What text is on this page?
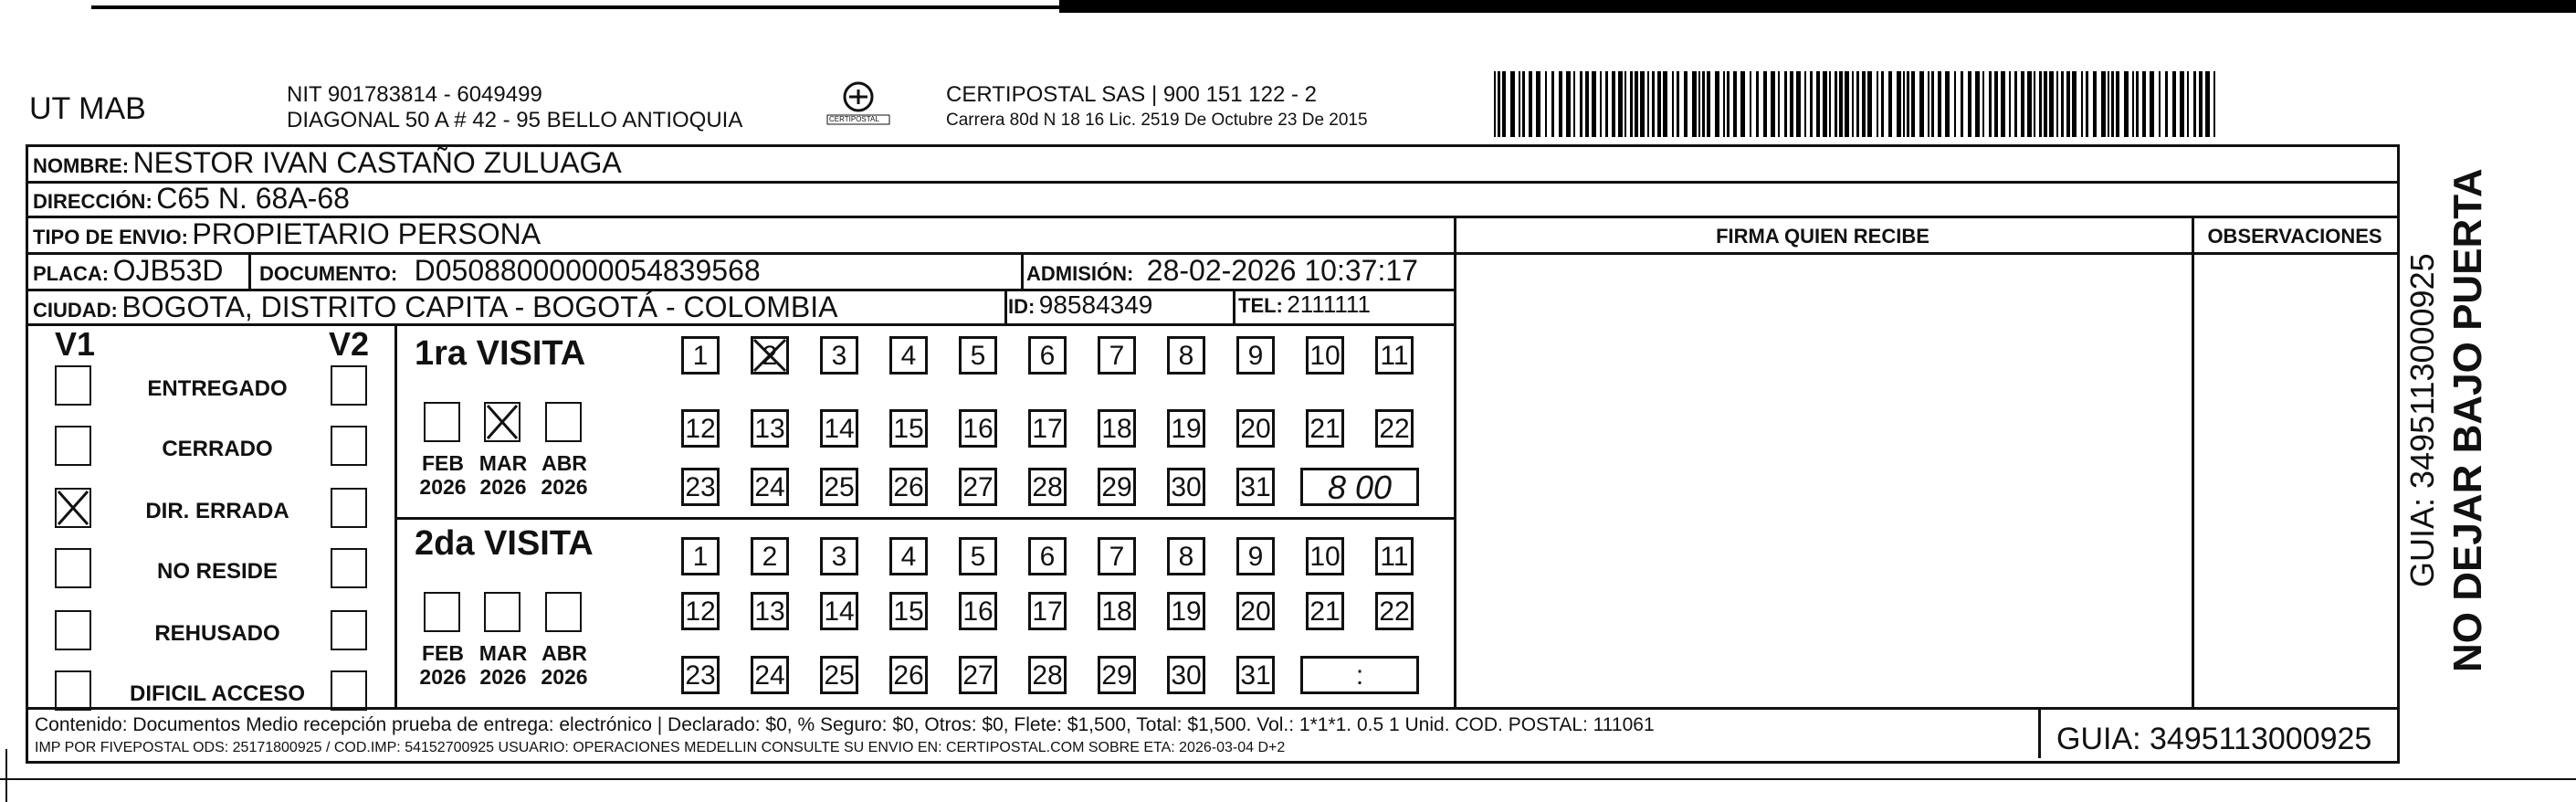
UT MAB	NIT 901783814 - 6049499
DIAGONAL 50 A # 42 - 95 BELLO ANTIOQUIA	CERTIPOSTAL
CERTIPOSTAL SAS | 900 151 122 - 2
Carrera 80d N 18 16 Lic. 2519 De Octubre 23 De 2015
NOMBRE: NESTOR IVAN CASTAÑO ZULUAGA
DIRECCIÓN: C65 N. 68A-68
TIPO DE ENVIO: PROPIETARIO PERSONA
PLACA: OJB53D DOCUMENTO: D05088000000054839568	ADMISIÓN: 28-02-2026 10:37:17
CIUDAD: BOGOTA, DISTRITO CAPITA - BOGOTÁ - COLOMBIA	ID: 98584349	TEL: 2111111
FIRMA QUIEN RECIBE	OBSERVACIONES
V1	V2
ENTREGADO
CERRADO
DIR. ERRADA
NO RESIDE
REHUSADO
DIFICIL ACCESO
1ra VISITA
2da VISITA
FEB
2026
MAR
2026
ABR
2026
1	2	3	4	5	6	7	8	9	10 11
12 13 14 15 16 17 18 19 20 21 22
23 24 25 26 27 28 29 30 31	8 00
FEB
2026
MAR
2026
ABR
2026
1	2	3	4	5	6	7	8	9	10 11
12 13 14 15 16 17 18 19 20 21 22
23 24 25 26 27 28 29 30 31	:
Contenido: Documentos Medio recepción prueba de entrega: electrónico | Declarado: $0, % Seguro: $0, Otros: $0, Flete: $1,500, Total: $1,500. Vol.: 1*1*1. 0.5 1 Unid. COD. POSTAL: 111061
IMP POR FIVEPOSTAL ODS: 25171800925 / COD.IMP: 54152700925 USUARIO: OPERACIONES MEDELLIN CONSULTE SU ENVIO EN: CERTIPOSTAL.COM SOBRE ETA: 2026-03-04 D+2	GUIA: 3495113000925
NO DEJAR BAJO PUERTA
GUIA: 3495113000925
